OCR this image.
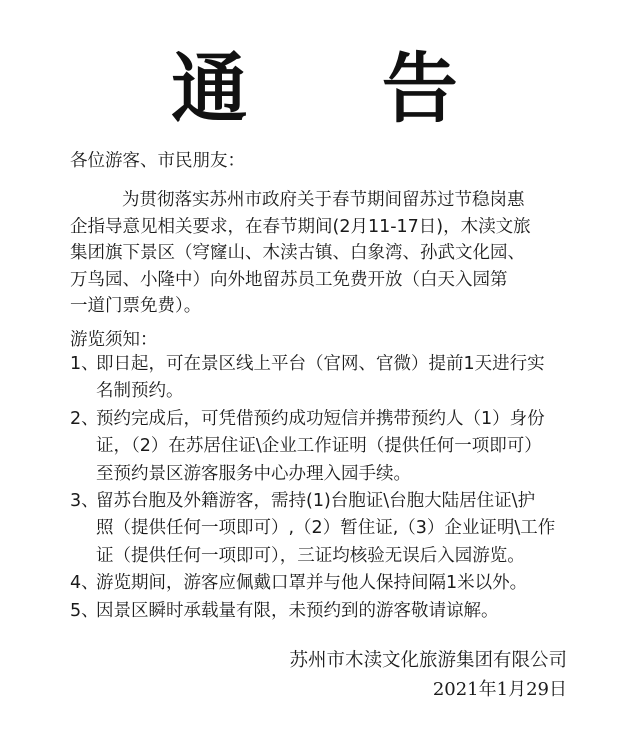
通 告
各位游客、市民朋友：
为贯彻落实苏州市政府关于春节期间留苏过节稳岗惠
企指导意见相关要求，在春节期间(2月11-17日)，木渎文旅
集团旗下景区（穹窿山、木渎古镇、白象湾、孙武文化园、
万鸟园、小隆中）向外地留苏员工免费开放（白天入园第
一道门票免费）。
游览须知：
1、
即日起，可在景区线上平台（官网、官微）提前1天进行实
名制预约。
2、
预约完成后，可凭借预约成功短信并携带预约人（1）身份
证，（2）在苏居住证\企业工作证明（提供任何一项即可）
至预约景区游客服务中心办理入园手续。
3、
留苏台胞及外籍游客，需持(1)台胞证\台胞大陆居住证\护
照（提供任何一项即可）,（2）暂住证,（3）企业证明\工作
证（提供任何一项即可），三证均核验无误后入园游览。
4、
游览期间，游客应佩戴口罩并与他人保持间隔1米以外。
5、
因景区瞬时承载量有限，未预约到的游客敬请谅解。
苏州市木渎文化旅游集团有限公司
2021年1月29日
